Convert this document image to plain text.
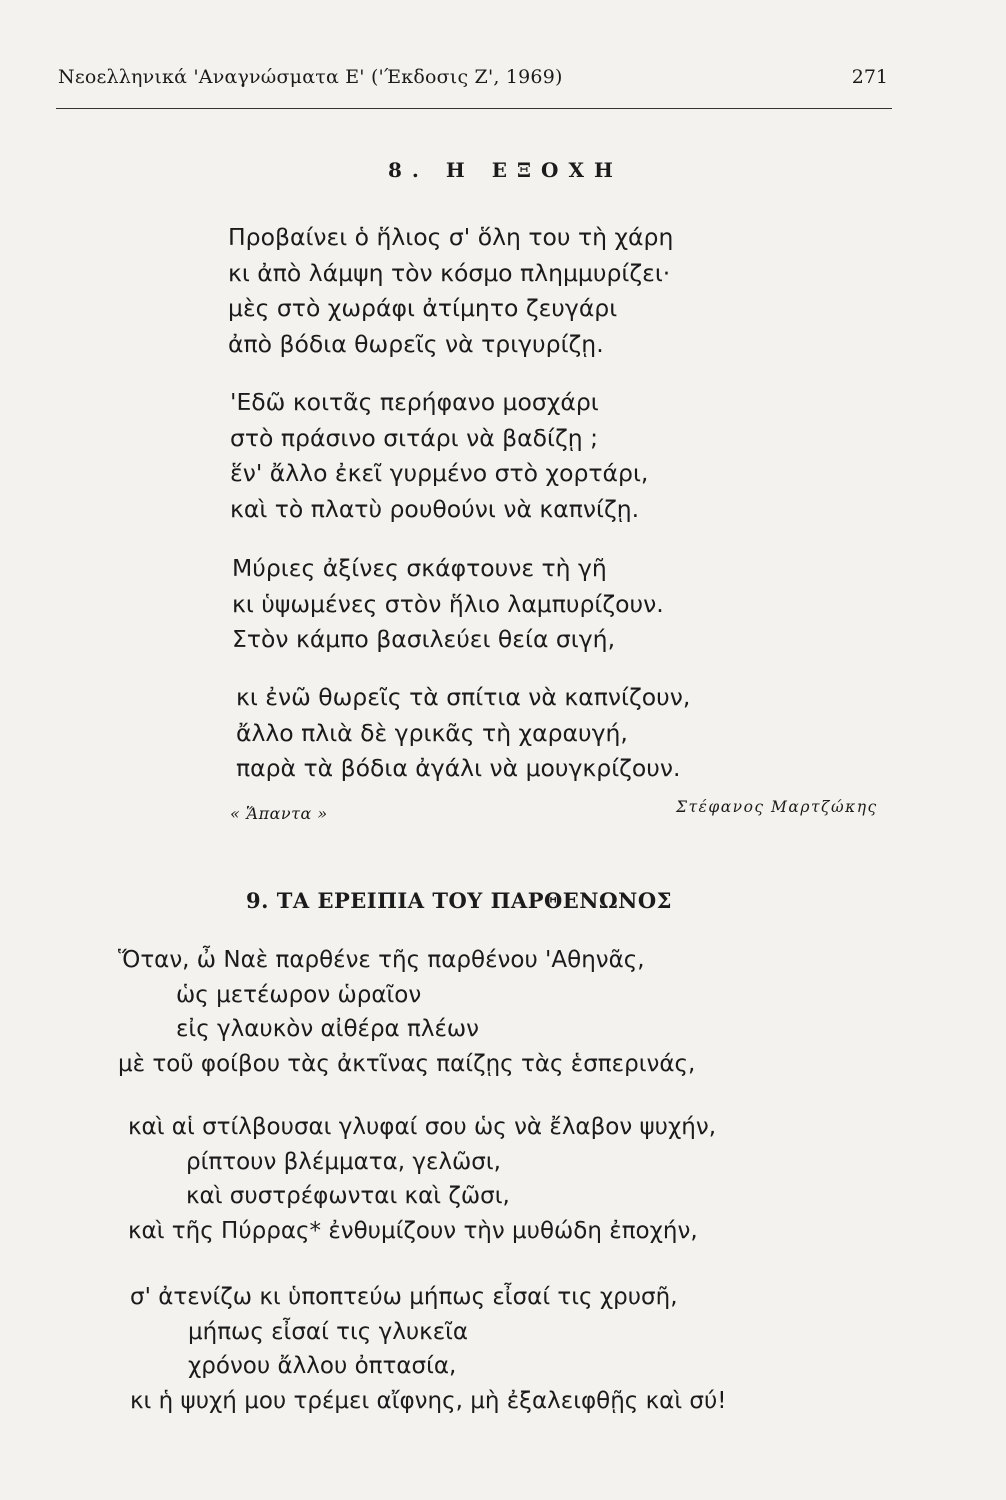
Νεοελληνικά 'Αναγνώσματα Ε' ('Έκδοσις Ζ', 1969)	271
8. Η ΕΞΟΧΗ
Προβαίνει ὁ ἥλιος σ' ὅλη του τὴ χάρη
κι ἀπὸ λάμψη τὸν κόσμο πλημμυρίζει·
μὲς στὸ χωράφι ἀτίμητο ζευγάρι
ἀπὸ βόδια θωρεῖς νὰ τριγυρίζῃ.
'Εδῶ κοιτᾶς περήφανο μοσχάρι
στὸ πράσινο σιτάρι νὰ βαδίζῃ ;
ἕν' ἄλλο ἐκεῖ γυρμένο στὸ χορτάρι,
καὶ τὸ πλατὺ ρουθούνι νὰ καπνίζῃ.
Μύριες ἀξίνες σκάφτουνε τὴ γῆ
κι ὑψωμένες στὸν ἥλιο λαμπυρίζουν.
Στὸν κάμπο βασιλεύει θεία σιγή,
κι ἐνῶ θωρεῖς τὰ σπίτια νὰ καπνίζουν,
ἄλλο πλιὰ δὲ γρικᾶς τὴ χαραυγή,
παρὰ τὰ βόδια ἀγάλι νὰ μουγκρίζουν.
« Ἅπαντα »	Στέφανος Μαρτζώκης
9. ΤΑ ΕΡΕΙΠΙΑ ΤΟΥ ΠΑΡΘΕΝΩΝΟΣ
Ὅταν, ὦ Ναὲ παρθένε τῆς παρθένου 'Αθηνᾶς,
ὡς μετέωρον ὡραῖον
εἰς γλαυκὸν αἰθέρα πλέων
μὲ τοῦ φοίβου τὰς ἀκτῖνας παίζῃς τὰς ἑσπερινάς,
καὶ αἱ στίλβουσαι γλυφαί σου ὡς νὰ ἔλαβον ψυχήν,
ρίπτουν βλέμματα, γελῶσι,
καὶ συστρέφωνται καὶ ζῶσι,
καὶ τῆς Πύρρας* ἐνθυμίζουν τὴν μυθώδη ἐποχήν,
σ' ἀτενίζω κι ὑποπτεύω μήπως εἶσαί τις χρυσῆ,
μήπως εἶσαί τις γλυκεῖα
χρόνου ἄλλου ὀπτασία,
κι ἡ ψυχή μου τρέμει αἴφνης, μὴ ἐξαλειφθῇς καὶ σύ!
